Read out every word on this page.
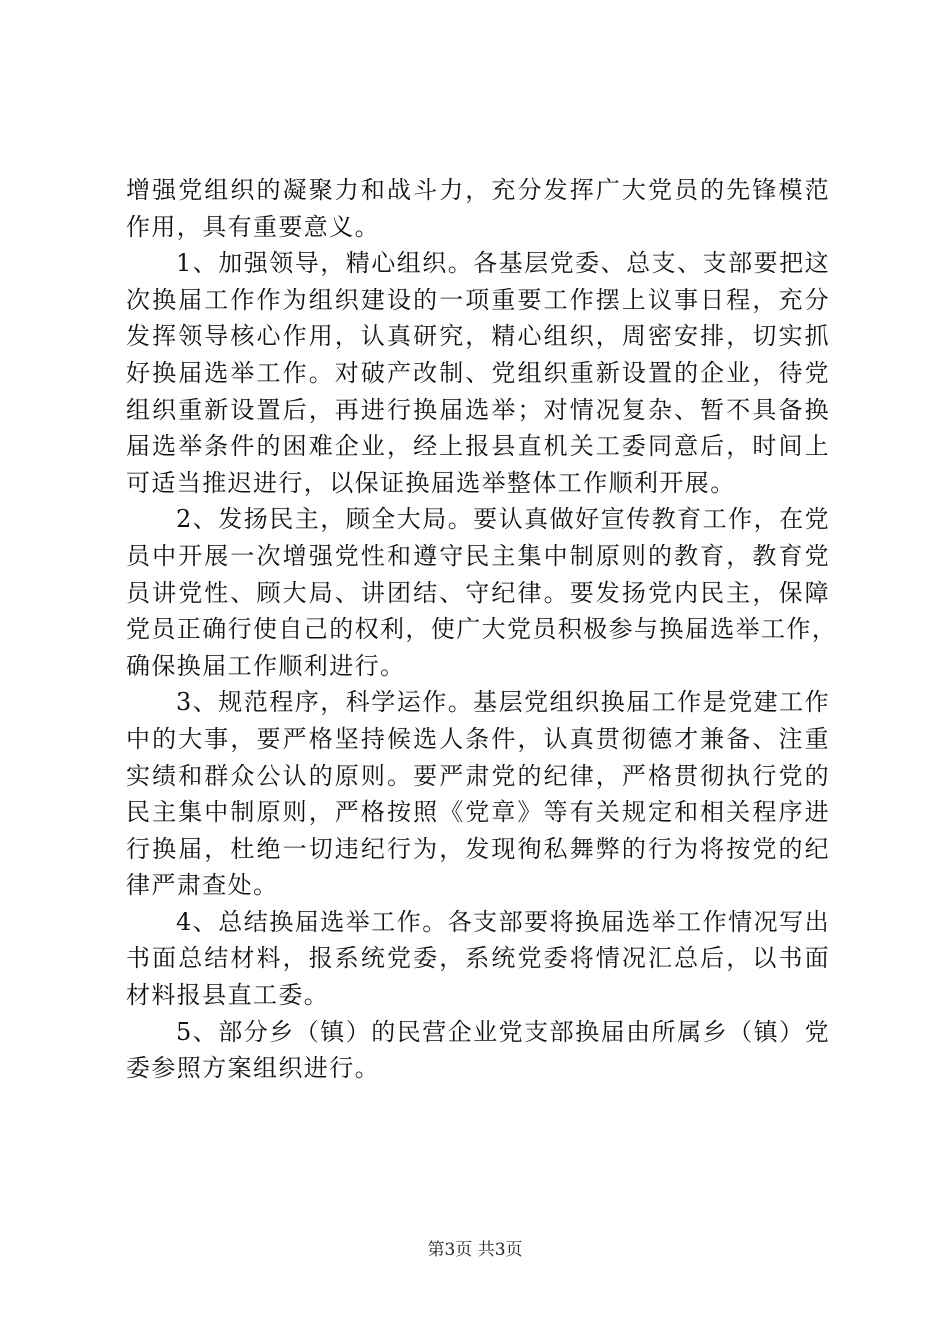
增强党组织的凝聚力和战斗力，充分发挥广大党员的先锋模范
作用，具有重要意义。
1、加强领导，精心组织。各基层党委、总支、支部要把这
次换届工作作为组织建设的一项重要工作摆上议事日程，充分
发挥领导核心作用，认真研究，精心组织，周密安排，切实抓
好换届选举工作。对破产改制、党组织重新设置的企业，待党
组织重新设置后，再进行换届选举；对情况复杂、暂不具备换
届选举条件的困难企业，经上报县直机关工委同意后，时间上
可适当推迟进行，以保证换届选举整体工作顺利开展。
2、发扬民主，顾全大局。要认真做好宣传教育工作，在党
员中开展一次增强党性和遵守民主集中制原则的教育，教育党
员讲党性、顾大局、讲团结、守纪律。要发扬党内民主，保障
党员正确行使自己的权利，使广大党员积极参与换届选举工作，
确保换届工作顺利进行。
3、规范程序，科学运作。基层党组织换届工作是党建工作
中的大事，要严格坚持候选人条件，认真贯彻德才兼备、注重
实绩和群众公认的原则。要严肃党的纪律，严格贯彻执行党的
民主集中制原则，严格按照《党章》等有关规定和相关程序进
行换届，杜绝一切违纪行为，发现徇私舞弊的行为将按党的纪
律严肃查处。
4、总结换届选举工作。各支部要将换届选举工作情况写出
书面总结材料，报系统党委，系统党委将情况汇总后，以书面
材料报县直工委。
5、部分乡（镇）的民营企业党支部换届由所属乡（镇）党
委参照方案组织进行。
第3页 共3页
